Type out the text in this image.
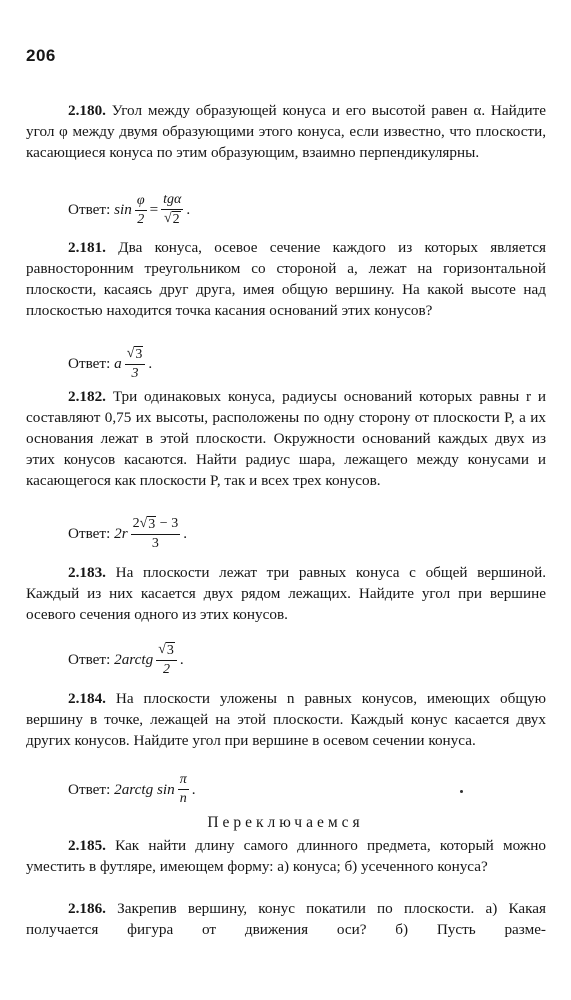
206
2.180. Угол между образующей конуса и его высотой равен α. Найдите угол φ между двумя образующими этого конуса, если известно, что плоскости, касающиеся конуса по этим образующим, взаимно перпендикулярны.
Ответ:
$\sin \frac{\varphi}{2} = \frac{\text{tgα}}{√ 2}$ .
2.181. Два конуса, осевое сечение каждого из которых является равносторонним треугольником со стороной a, лежат на горизонтальной плоскости, касаясь друг друга, имея общую вершину. На какой высоте над плоскостью находится точка касания оснований этих конусов?
Ответ:
a $\frac{√ 3}{3}$ .
2.182. Три одинаковых конуса, радиусы оснований которых равны r и составляют 0,75 их высоты, расположены по одну сторону от плоскости P, а их основания лежат в этой плоскости. Окружности оснований каждых двух из этих конусов касаются. Найти радиус шара, лежащего между конусами и касающегося как плоскости P, так и всех трех конусов.
Ответ:
$2r \frac{2 √ 3 - 3}{3}$ .
2.183. На плоскости лежат три равных конуса с общей вершиной. Каждый из них касается двух рядом лежащих. Найдите угол при вершине осевого сечения одного из этих конусов.
Ответ:
2arctg $\frac{√ 3}{2}$ .
2.184. На плоскости уложены n равных конусов, имеющих общую вершину в точке, лежащей на этой плоскости. Каждый конус касается двух других конусов. Найдите угол при вершине в осевом сечении конуса.
Ответ:
2arctg $\sin \frac{\pi}{n}$ .
Переключаемся
2.185. Как найти длину самого длинного предмета, который можно уместить в футляре, имеющем форму: а) конуса; б) усеченного конуса?
2.186. Закрепив вершину, конус покатили по плоскости. а) Какая получается фигура от движения оси? б) Пусть разме-
